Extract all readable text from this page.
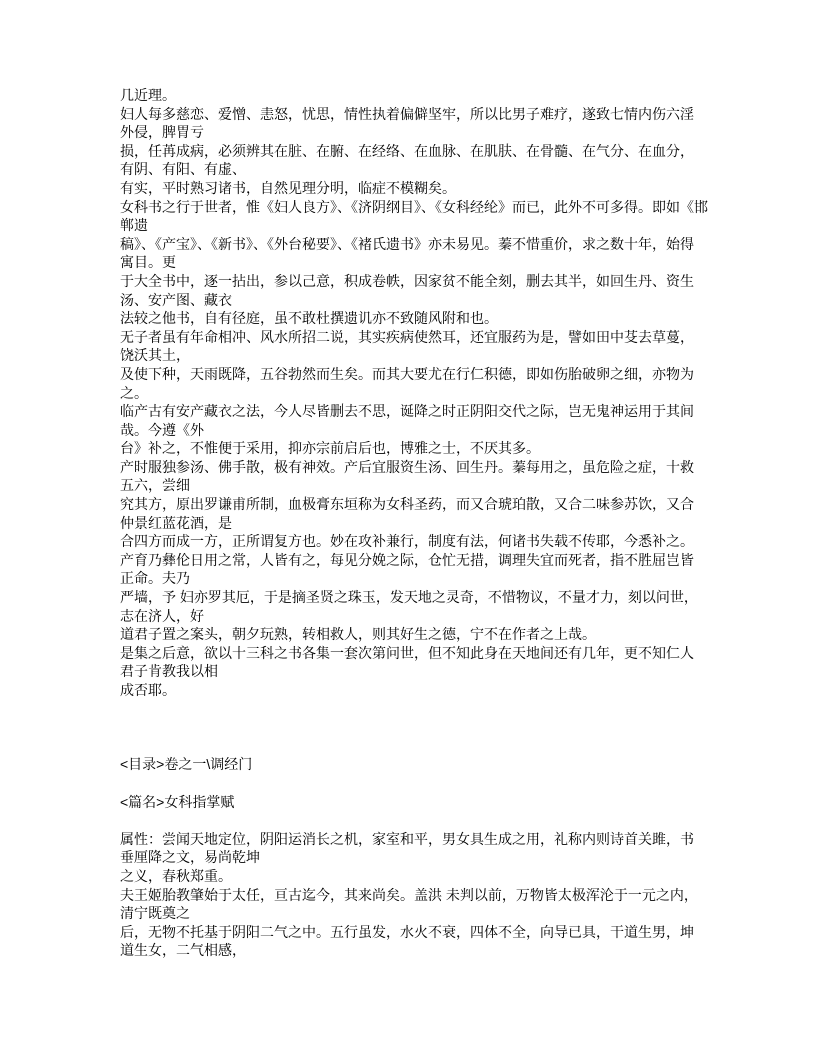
几近理。
妇人每多慈恋、爱憎、恚怒，忧思，情性执着偏僻坚牢，所以比男子难疗，遂致七情内伤六淫
外侵，脾胃亏
损，任苒成病，必须辨其在脏、在腑、在经络、在血脉、在肌肤、在骨髓、在气分、在血分，
有阴、有阳、有虚、
有实，平时熟习诸书，自然见理分明，临症不模糊矣。
女科书之行于世者，惟《妇人良方》、《济阴纲目》、《女科经纶》而已，此外不可多得。即如《邯
郸遗
稿》、《产宝》、《新书》、《外台秘要》、《褚氏遗书》亦未易见。蓁不惜重价，求之数十年，始得
寓目。更
于大全书中，逐一拈出，参以己意，积成卷帙，因家贫不能全刻，删去其半，如回生丹、资生
汤、安产图、藏衣
法较之他书，自有径庭，虽不敢杜撰遗讥亦不致随风附和也。
无子者虽有年命相冲、风水所招二说，其实疾病使然耳，还宜服药为是，譬如田中芟去草蔓，
饶沃其土，
及使下种，天雨既降，五谷勃然而生矣。而其大要尤在行仁积德，即如伤胎破卵之细，亦物为
之。
临产古有安产藏衣之法，今人尽皆删去不思，诞降之时正阴阳交代之际，岂无鬼神运用于其间
哉。今遵《外
台》补之，不惟便于采用，抑亦宗前启后也，博雅之士，不厌其多。
产时服独参汤、佛手散，极有神效。产后宜服资生汤、回生丹。蓁每用之，虽危险之症，十救
五六，尝细
究其方，原出罗谦甫所制，血极膏东垣称为女科圣药，而又合琥珀散，又合二味参苏饮，又合
仲景红蓝花酒，是
合四方而成一方，正所谓复方也。妙在攻补兼行，制度有法，何诸书失载不传耶，今悉补之。
产育乃彝伦日用之常，人皆有之，每见分娩之际，仓忙无措，调理失宜而死者，指不胜屈岂皆
正命。夫乃
严墙，予 妇亦罗其厄，于是摘圣贤之珠玉，发天地之灵奇，不惜物议，不量才力，刻以问世，
志在济人，好
道君子置之案头，朝夕玩熟，转相救人，则其好生之德，宁不在作者之上哉。
是集之后意，欲以十三科之书各集一套次第问世，但不知此身在天地间还有几年，更不知仁人
君子肯教我以相
成否耶。
<目录>卷之一\调经门
<篇名>女科指掌赋
属性：尝闻天地定位，阴阳运消长之机，家室和平，男女具生成之用，礼称内则诗首关雎，书
垂厘降之文，易尚乾坤
之义，春秋郑重。
夫王姬胎教肇始于太任，亘古迄今，其来尚矣。盖洪 未判以前，万物皆太极浑沦于一元之内，
清宁既奠之
后，无物不托基于阴阳二气之中。五行虽发，水火不衰，四体不全，向导已具，干道生男，坤
道生女，二气相感，
